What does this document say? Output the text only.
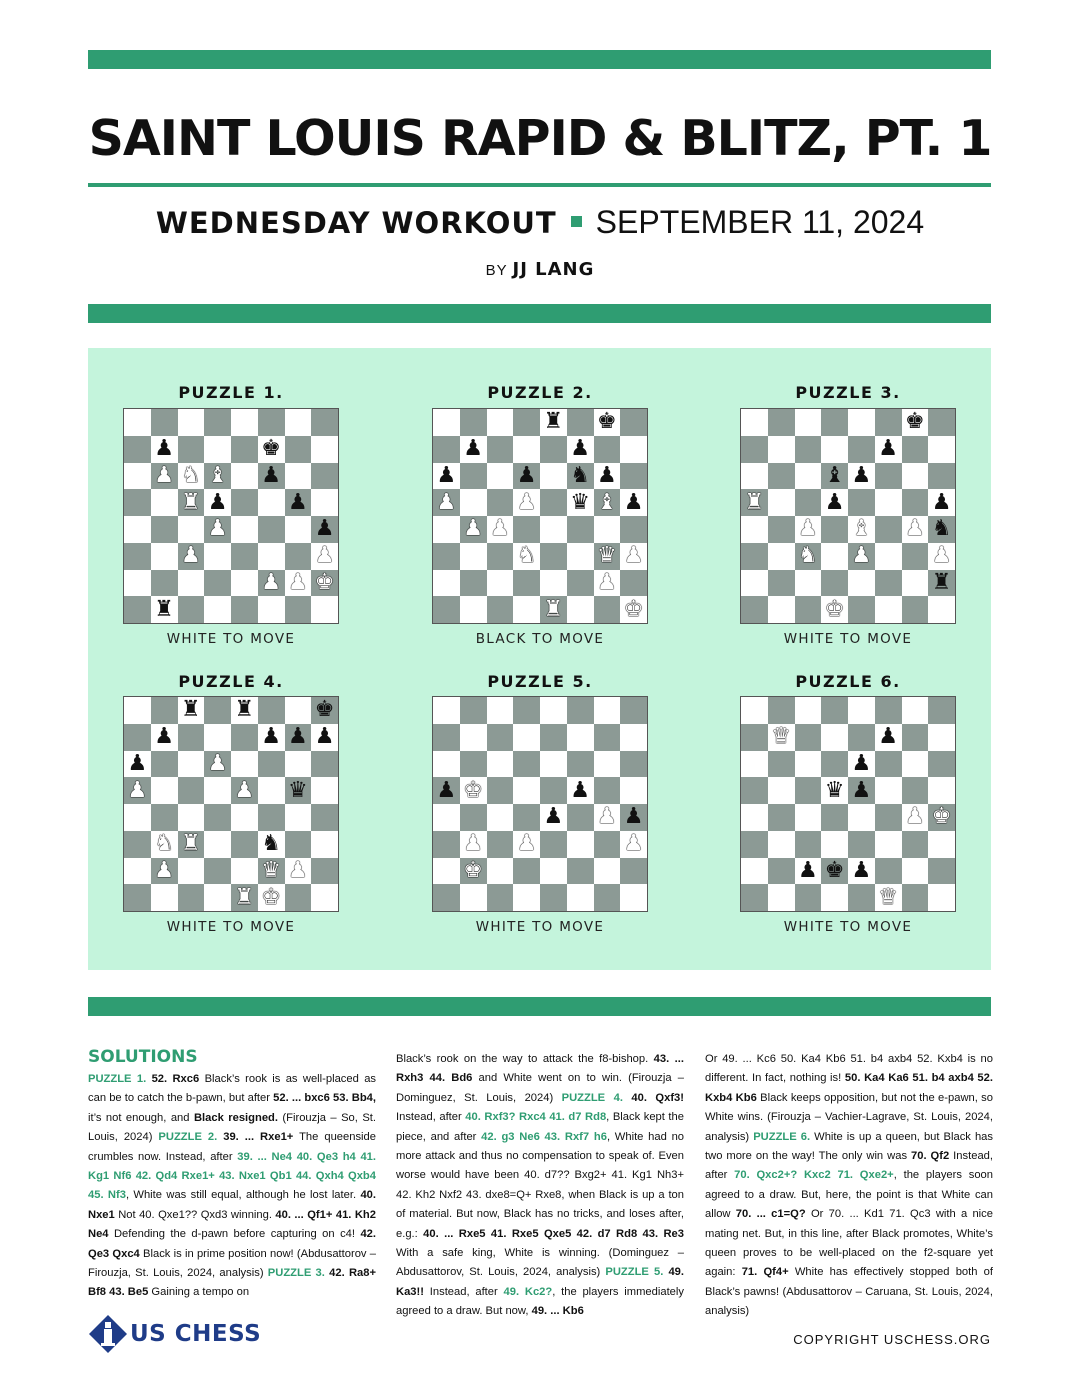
SAINT LOUIS RAPID & BLITZ, PT. 1
WEDNESDAY WORKOUT SEPTEMBER 11, 2024
BY JJ LANG
PUZZLE 1.
♟	♚
♟ ♞ ♝ ♟
♜ ♟	♟
♟	♟
♟	♟
♟ ♟ ♚
♜
WHITE TO MOVE
PUZZLE 2.
♜ ♚
♟	♟
♟	♟ ♞ ♟
♟	♟ ♛ ♝ ♟
♟ ♟
♞	♛ ♟
♟
♜	♚
BLACK TO MOVE
PUZZLE 3.
♚
♟
♝ ♟
♜	♟	♟
♟ ♝ ♟ ♞
♞ ♟	♟
♜
♚
WHITE TO MOVE
PUZZLE 4.
♜ ♜	♚
♟	♟ ♟ ♟
♟	♟
♟	♟ ♛
♞ ♜	♞
♟	♛ ♟
♜ ♚
WHITE TO MOVE
PUZZLE 5.
♟ ♚	♟
♟ ♟ ♟
♟ ♟	♟
♚
WHITE TO MOVE
PUZZLE 6.
♛	♟
♟
♛ ♟
♟ ♚
♟ ♚ ♟
♛
WHITE TO MOVE
SOLUTIONS
PUZZLE 1. 52. Rxc6 Black’s rook is as well-placed as can be to catch the b-pawn, but after 52. ... bxc6 53. Bb4, it’s not enough, and Black resigned. (Firouzja – So, St. Louis, 2024) PUZZLE 2. 39. ... Rxe1+ The queenside crumbles now. Instead, after 39. ... Ne4 40. Qe3 h4 41. Kg1 Nf6 42. Qd4 Rxe1+ 43. Nxe1 Qb1 44. Qxh4 Qxb4 45. Nf3, White was still equal, although he lost later. 40. Nxe1 Not 40. Qxe1?? Qxd3 winning. 40. ... Qf1+ 41. Kh2 Ne4 Defending the d-pawn before capturing on c4! 42. Qe3 Qxc4 Black is in prime position now! (Abdusattorov – Firouzja, St. Louis, 2024, analysis) PUZZLE 3. 42. Ra8+ Bf8 43. Be5 Gaining a tempo on
Black’s rook on the way to attack the f8-bishop. 43. ... Rxh3 44. Bd6 and White went on to win. (Firouzja – Dominguez, St. Louis, 2024) PUZZLE 4. 40. Qxf3! Instead, after 40. Rxf3? Rxc4 41. d7 Rd8, Black kept the piece, and after 42. g3 Ne6 43. Rxf7 h6, White had no more attack and thus no compensation to speak of. Even worse would have been 40. d7?? Bxg2+ 41. Kg1 Nh3+ 42. Kh2 Nxf2 43. dxe8=Q+ Rxe8, when Black is up a ton of material. But now, Black has no tricks, and loses after, e.g.: 40. ... Rxe5 41. Rxe5 Qxe5 42. d7 Rd8 43. Re3 With a safe king, White is winning. (Dominguez – Abdusattorov, St. Louis, 2024, analysis) PUZZLE 5. 49. Ka3!! Instead, after 49. Kc2?, the players immediately agreed to a draw. But now, 49. ... Kb6
Or 49. ... Kc6 50. Ka4 Kb6 51. b4 axb4 52. Kxb4 is no different. In fact, nothing is! 50. Ka4 Ka6 51. b4 axb4 52. Kxb4 Kb6 Black keeps opposition, but not the e-pawn, so White wins. (Firouzja – Vachier-Lagrave, St. Louis, 2024, analysis) PUZZLE 6. White is up a queen, but Black has two more on the way! The only win was 70. Qf2 Instead, after 70. Qxc2+? Kxc2 71. Qxe2+, the players soon agreed to a draw. But, here, the point is that White can allow 70. ... c1=Q? Or 70. ... Kd1 71. Qc3 with a nice mating net. But, in this line, after Black promotes, White’s queen proves to be well-placed on the f2-square yet again: 71. Qf4+ White has effectively stopped both of Black’s pawns! (Abdusattorov – Caruana, St. Louis, 2024, analysis)
US CHESS	COPYRIGHT USCHESS.ORG
